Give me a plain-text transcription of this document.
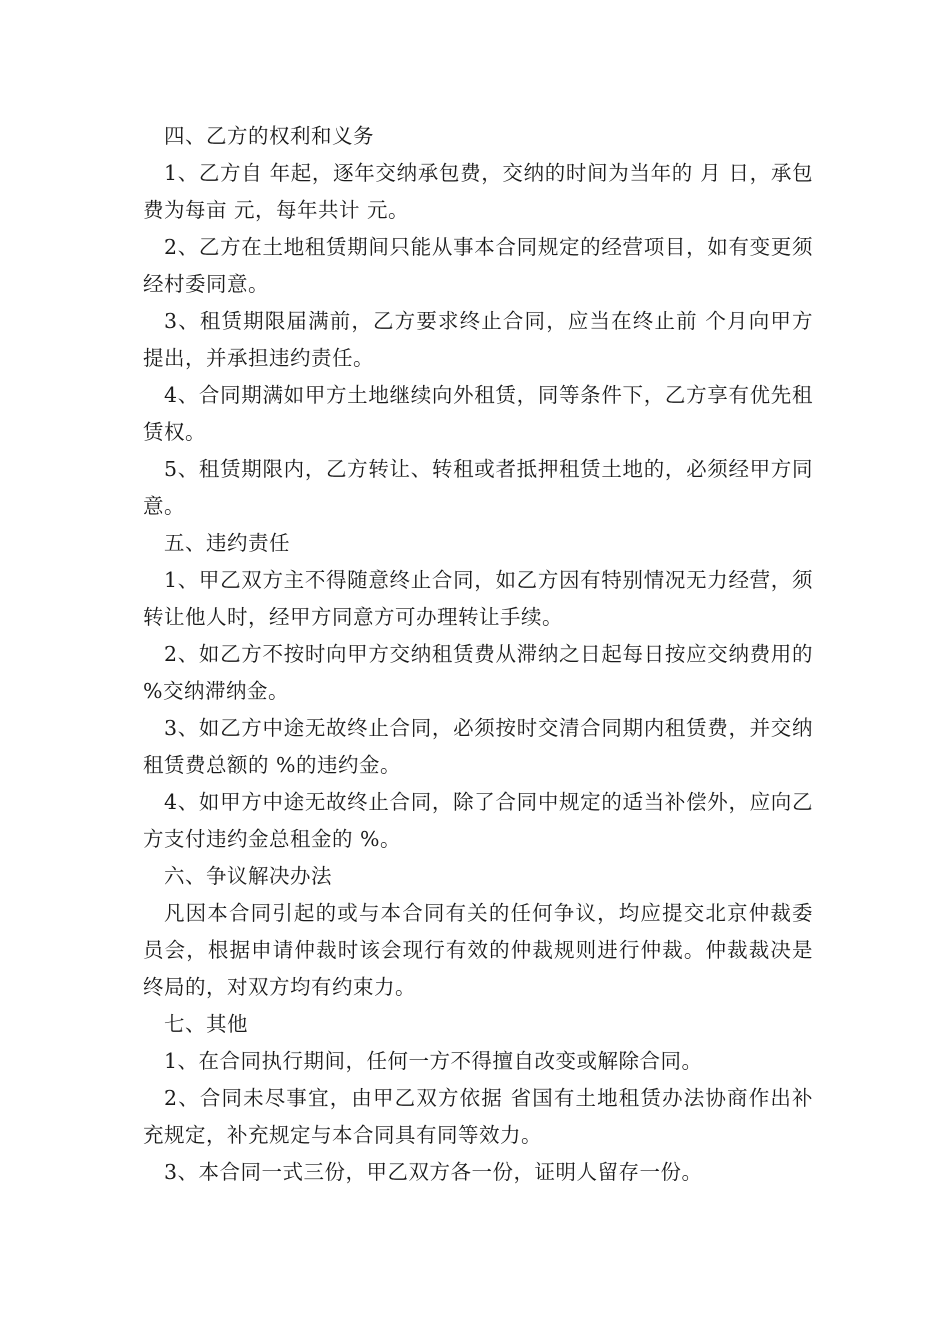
四、乙方的权利和义务

1、乙方自 年起，逐年交纳承包费，交纳的时间为当年的 月 日，承包费为每亩 元，每年共计 元。

2、乙方在土地租赁期间只能从事本合同规定的经营项目，如有变更须经村委同意。

3、租赁期限届满前，乙方要求终止合同，应当在终止前 个月向甲方提出，并承担违约责任。

4、合同期满如甲方土地继续向外租赁，同等条件下，乙方享有优先租赁权。

5、租赁期限内，乙方转让、转租或者抵押租赁土地的，必须经甲方同意。

五、违约责任

1、甲乙双方主不得随意终止合同，如乙方因有特别情况无力经营，须转让他人时，经甲方同意方可办理转让手续。

2、如乙方不按时向甲方交纳租赁费从滞纳之日起每日按应交纳费用的 %交纳滞纳金。

3、如乙方中途无故终止合同，必须按时交清合同期内租赁费，并交纳租赁费总额的 %的违约金。

4、如甲方中途无故终止合同，除了合同中规定的适当补偿外，应向乙方支付违约金总租金的 %。

六、争议解决办法

凡因本合同引起的或与本合同有关的任何争议，均应提交北京仲裁委员会，根据申请仲裁时该会现行有效的仲裁规则进行仲裁。仲裁裁决是终局的，对双方均有约束力。

七、其他

1、在合同执行期间，任何一方不得擅自改变或解除合同。

2、合同未尽事宜，由甲乙双方依据 省国有土地租赁办法协商作出补充规定，补充规定与本合同具有同等效力。

3、本合同一式三份，甲乙双方各一份，证明人留存一份。
